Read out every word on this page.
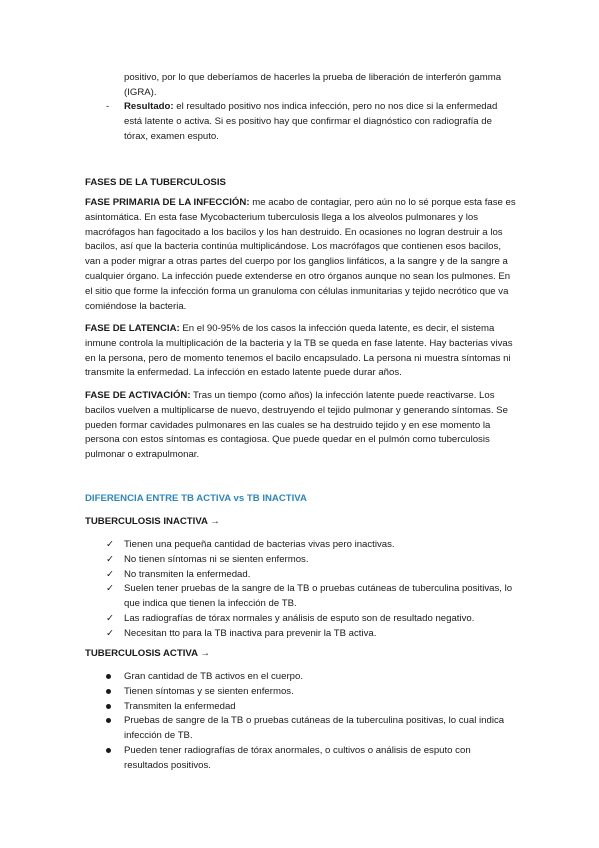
positivo, por lo que deberíamos de hacerles la prueba de liberación de interferón gamma (IGRA).
- Resultado: el resultado positivo nos indica infección, pero no nos dice si la enfermedad está latente o activa. Si es positivo hay que confirmar el diagnóstico con radiografía de tórax, examen esputo.
FASES DE LA TUBERCULOSIS
FASE PRIMARIA DE LA INFECCIÓN: me acabo de contagiar, pero aún no lo sé porque esta fase es asintomática. En esta fase Mycobacterium tuberculosis llega a los alveolos pulmonares y los macrófagos han fagocitado a los bacilos y los han destruido. En ocasiones no logran destruir a los bacilos, así que la bacteria continúa multiplicándose. Los macrófagos que contienen esos bacilos, van a poder migrar a otras partes del cuerpo por los ganglios linfáticos, a la sangre y de la sangre a cualquier órgano. La infección puede extenderse en otro órganos aunque no sean los pulmones. En el sitio que forme la infección forma un granuloma con células inmunitarias y tejido necrótico que va comiéndose la bacteria.
FASE DE LATENCIA: En el 90-95% de los casos la infección queda latente, es decir, el sistema inmune controla la multiplicación de la bacteria y la TB se queda en fase latente. Hay bacterias vivas en la persona, pero de momento tenemos el bacilo encapsulado. La persona ni muestra síntomas ni transmite la enfermedad. La infección en estado latente puede durar años.
FASE DE ACTIVACIÓN: Tras un tiempo (como años) la infección latente puede reactivarse. Los bacilos vuelven a multiplicarse de nuevo, destruyendo el tejido pulmonar y generando síntomas. Se pueden formar cavidades pulmonares en las cuales se ha destruido tejido y en ese momento la persona con estos síntomas es contagiosa. Que puede quedar en el pulmón como tuberculosis pulmonar o extrapulmonar.
DIFERENCIA ENTRE TB ACTIVA vs TB INACTIVA
TUBERCULOSIS INACTIVA →
✓ Tienen una pequeña cantidad de bacterias vivas pero inactivas.
✓ No tienen síntomas ni se sienten enfermos.
✓ No transmiten la enfermedad.
✓ Suelen tener pruebas de la sangre de la TB o pruebas cutáneas de tuberculina positivas, lo que indica que tienen la infección de TB.
✓ Las radiografías de tórax normales y análisis de esputo son de resultado negativo.
✓ Necesitan tto para la TB inactiva para prevenir la TB activa.
TUBERCULOSIS ACTIVA →
Gran cantidad de TB activos en el cuerpo.
Tienen síntomas y se sienten enfermos.
Transmiten la enfermedad
Pruebas de sangre de la TB o pruebas cutáneas de la tuberculina positivas, lo cual indica infección de TB.
Pueden tener radiografías de tórax anormales, o cultivos o análisis de esputo con resultados positivos.
